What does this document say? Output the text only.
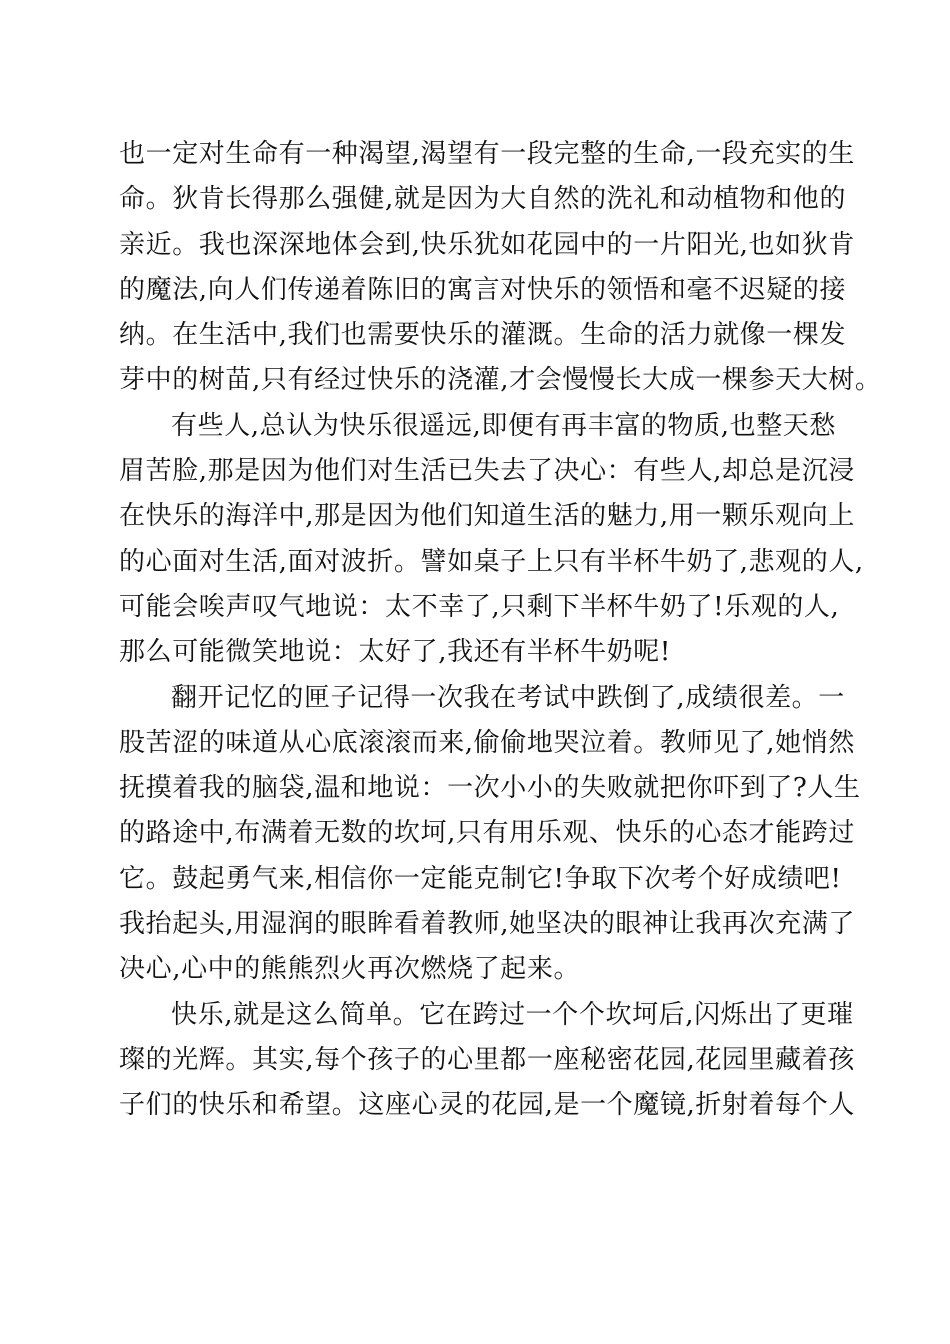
也一定对生命有一种渴望,渴望有一段完整的生命,一段充实的生
命。狄肯长得那么强健,就是因为大自然的洗礼和动植物和他的
亲近。我也深深地体会到,快乐犹如花园中的一片阳光,也如狄肯
的魔法,向人们传递着陈旧的寓言对快乐的领悟和毫不迟疑的接
纳。在生活中,我们也需要快乐的灌溉。生命的活力就像一棵发
芽中的树苗,只有经过快乐的浇灌,才会慢慢长大成一棵参天大树。
有些人,总认为快乐很遥远,即便有再丰富的物质,也整天愁
眉苦脸,那是因为他们对生活已失去了决心：有些人,却总是沉浸
在快乐的海洋中,那是因为他们知道生活的魅力,用一颗乐观向上
的心面对生活,面对波折。譬如桌子上只有半杯牛奶了,悲观的人,
可能会唉声叹气地说：太不幸了,只剩下半杯牛奶了!乐观的人,
那么可能微笑地说：太好了,我还有半杯牛奶呢!
翻开记忆的匣子记得一次我在考试中跌倒了,成绩很差。一
股苦涩的味道从心底滚滚而来,偷偷地哭泣着。教师见了,她悄然
抚摸着我的脑袋,温和地说：一次小小的失败就把你吓到了?人生
的路途中,布满着无数的坎坷,只有用乐观、快乐的心态才能跨过
它。鼓起勇气来,相信你一定能克制它!争取下次考个好成绩吧!
我抬起头,用湿润的眼眸看着教师,她坚决的眼神让我再次充满了
决心,心中的熊熊烈火再次燃烧了起来。
快乐,就是这么简单。它在跨过一个个坎坷后,闪烁出了更璀
璨的光辉。其实,每个孩子的心里都一座秘密花园,花园里藏着孩
子们的快乐和希望。这座心灵的花园,是一个魔镜,折射着每个人
